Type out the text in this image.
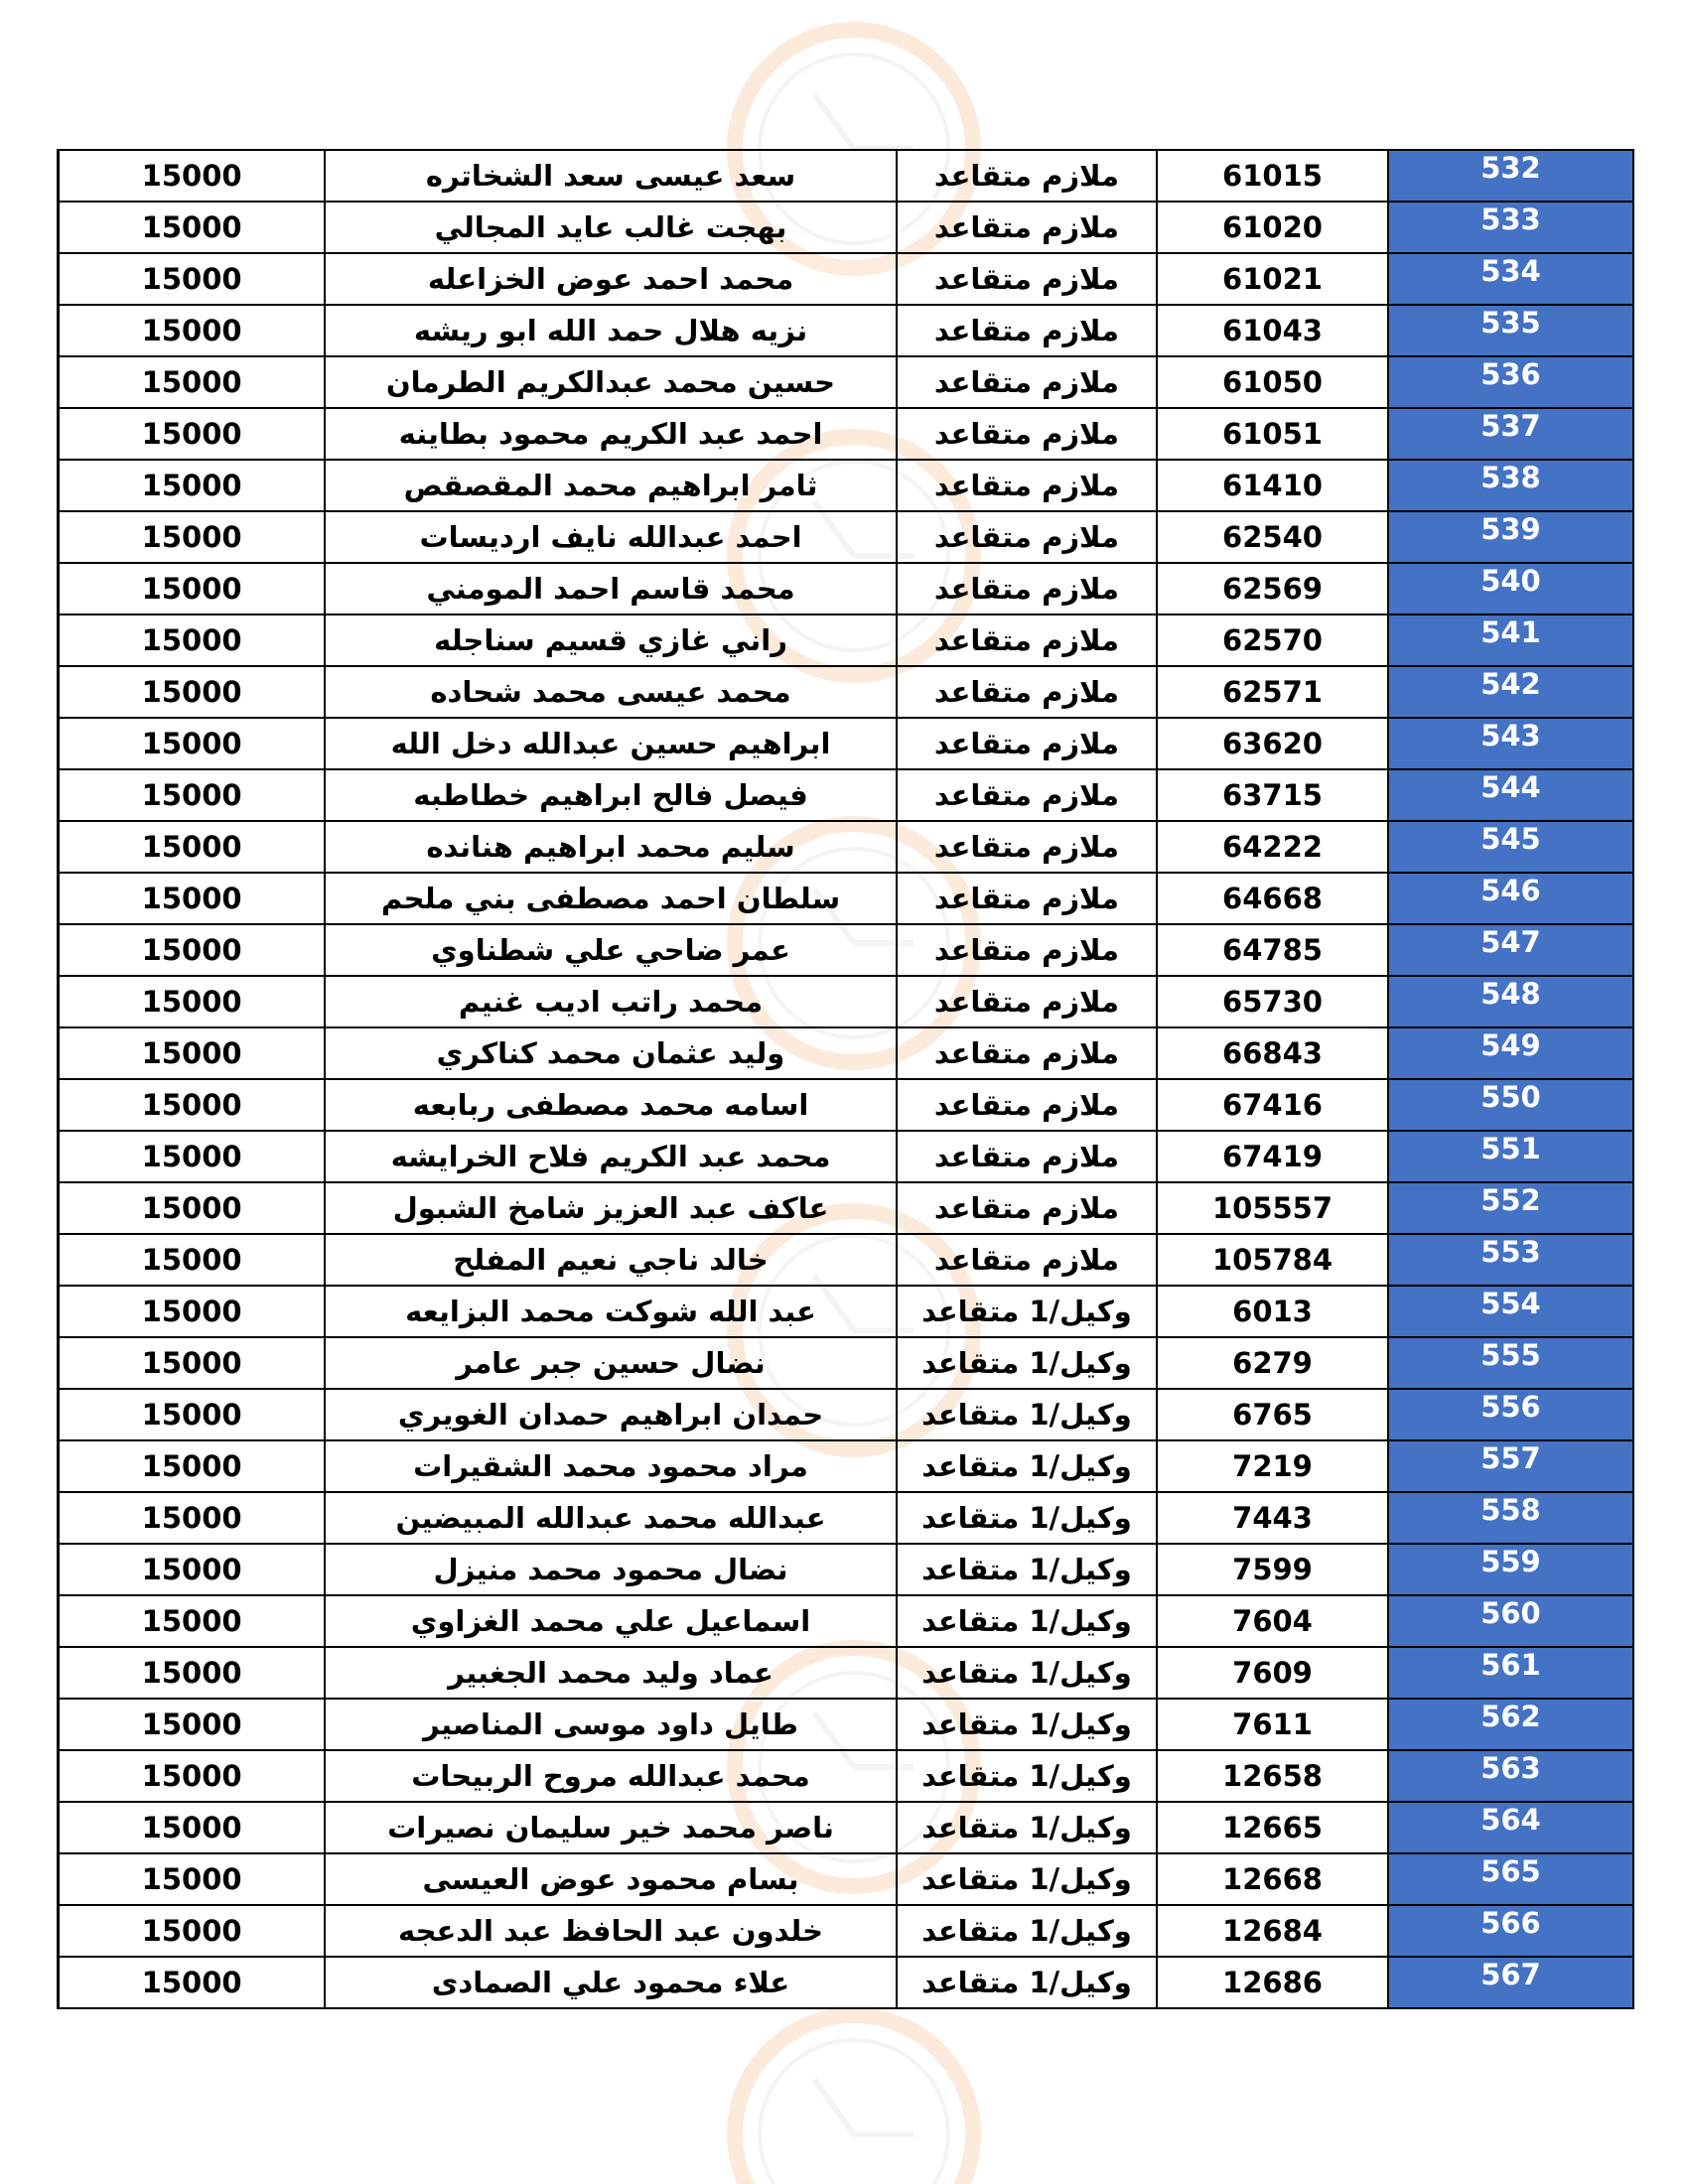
15000	سعد عيسى سعد الشخاتره	ملازم متقاعد	61015	532
15000	بهجت غالب عايد المجالي	ملازم متقاعد	61020	533
15000	محمد احمد عوض الخزاعله	ملازم متقاعد	61021	534
15000	نزيه هلال حمد الله ابو ريشه	ملازم متقاعد	61043	535
15000	حسين محمد عبدالكريم الطرمان	ملازم متقاعد	61050	536
15000	احمد عبد الكريم محمود بطاينه	ملازم متقاعد	61051	537
15000	ثامر ابراهيم محمد المقصقص	ملازم متقاعد	61410	538
15000	احمد عبدالله نايف ارديسات	ملازم متقاعد	62540	539
15000	محمد قاسم احمد المومني	ملازم متقاعد	62569	540
15000	راني غازي قسيم سناجله	ملازم متقاعد	62570	541
15000	محمد عيسى محمد شحاده	ملازم متقاعد	62571	542
15000	ابراهيم حسين عبدالله دخل الله	ملازم متقاعد	63620	543
15000	فيصل فالح ابراهيم خطاطبه	ملازم متقاعد	63715	544
15000	سليم محمد ابراهيم هنانده	ملازم متقاعد	64222	545
15000	سلطان احمد مصطفى بني ملحم	ملازم متقاعد	64668	546
15000	عمر ضاحي علي شطناوي	ملازم متقاعد	64785	547
15000	محمد راتب اديب غنيم	ملازم متقاعد	65730	548
15000	وليد عثمان محمد كناكري	ملازم متقاعد	66843	549
15000	اسامه محمد مصطفى ربابعه	ملازم متقاعد	67416	550
15000	محمد عبد الكريم فلاح الخرايشه	ملازم متقاعد	67419	551
15000	عاكف عبد العزيز شامخ الشبول	ملازم متقاعد	105557	552
15000	خالد ناجي نعيم المفلح	ملازم متقاعد	105784	553
15000	عبد الله شوكت محمد البزايعه	وكيل/1 متقاعد	6013	554
15000	نضال حسين جبر عامر	وكيل/1 متقاعد	6279	555
15000	حمدان ابراهيم حمدان الغويري	وكيل/1 متقاعد	6765	556
15000	مراد محمود محمد الشقيرات	وكيل/1 متقاعد	7219	557
15000	عبدالله محمد عبدالله المبيضين	وكيل/1 متقاعد	7443	558
15000	نضال محمود محمد منيزل	وكيل/1 متقاعد	7599	559
15000	اسماعيل علي محمد الغزاوي	وكيل/1 متقاعد	7604	560
15000	عماد وليد محمد الجغبير	وكيل/1 متقاعد	7609	561
15000	طايل داود موسى المناصير	وكيل/1 متقاعد	7611	562
15000	محمد عبدالله مروح الربيحات	وكيل/1 متقاعد	12658	563
15000	ناصر محمد خير سليمان نصيرات	وكيل/1 متقاعد	12665	564
15000	بسام محمود عوض العيسى	وكيل/1 متقاعد	12668	565
15000	خلدون عبد الحافظ عبد الدعجه	وكيل/1 متقاعد	12684	566
15000	علاء محمود علي الصمادى	وكيل/1 متقاعد	12686	567
